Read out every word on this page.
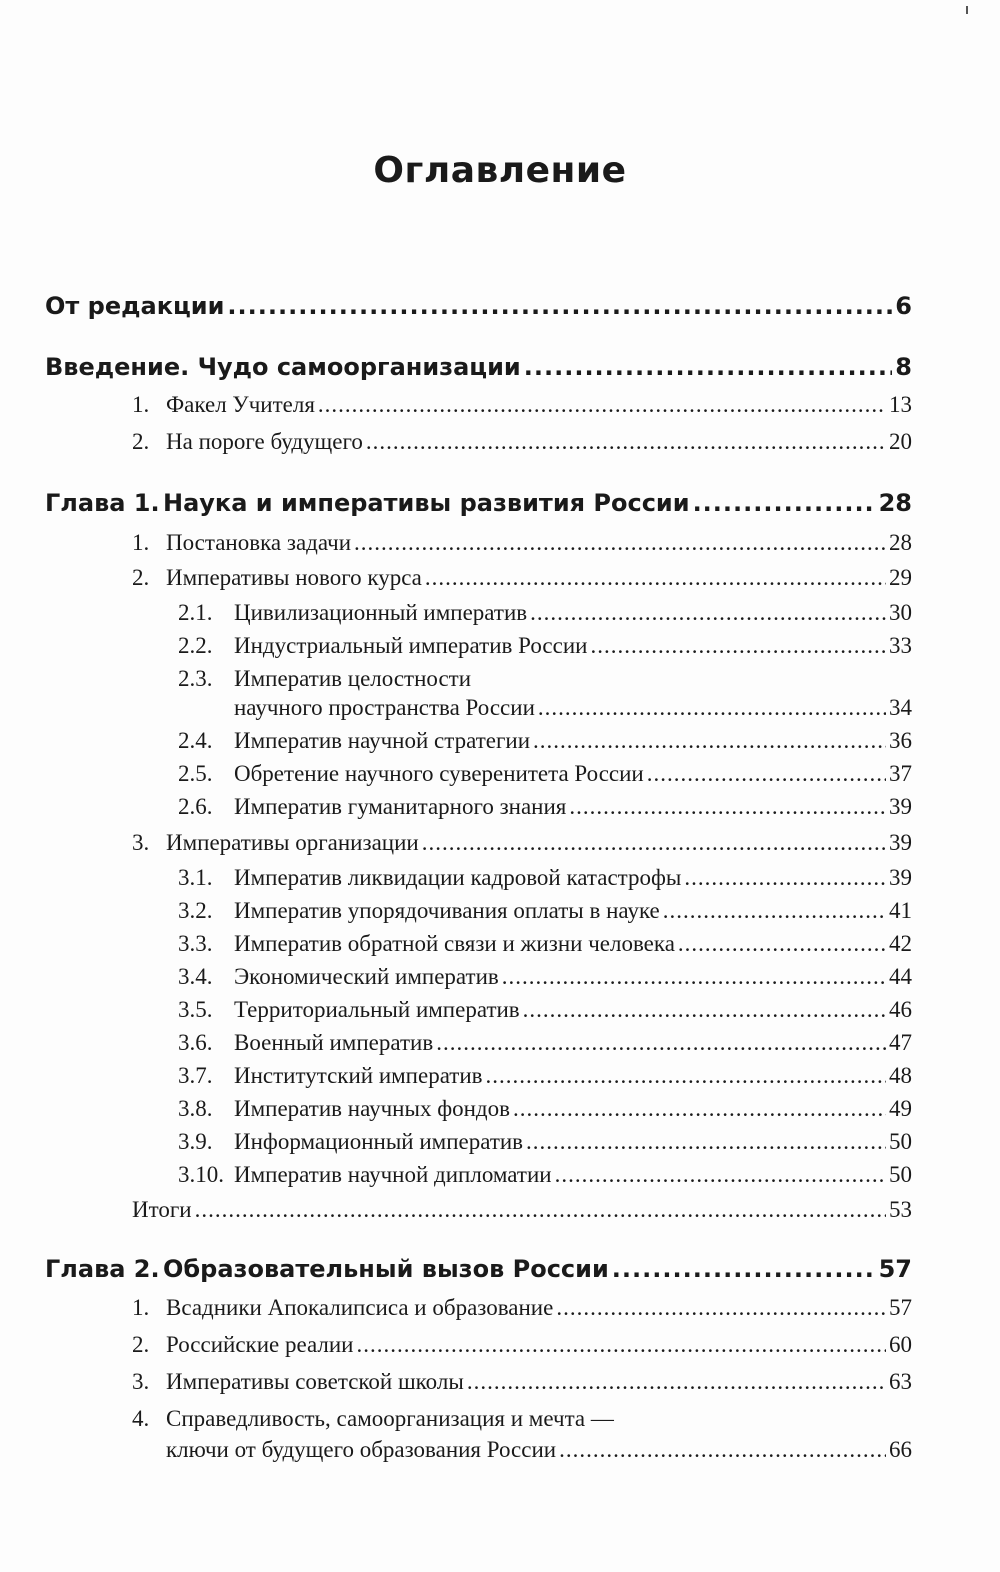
Оглавление
От редакции .....	6
Введение. Чудо самоорганизации .....	8
1. Факел Учителя .....	13
2. На пороге будущего .....	20
Глава 1. Наука и императивы развития России .....	28
1. Постановка задачи .....	28
2. Императивы нового курса .....	29
2.1. Цивилизационный императив .....	30
2.2. Индустриальный императив России .....	33
2.3. Императив целостности
научного пространства России .....	34
2.4. Императив научной стратегии .....	36
2.5. Обретение научного суверенитета России .....	37
2.6. Императив гуманитарного знания .....	39
3. Императивы организации .....	39
3.1. Императив ликвидации кадровой катастрофы .....	39
3.2. Императив упорядочивания оплаты в науке .....	41
3.3. Императив обратной связи и жизни человека .....	42
3.4. Экономический императив .....	44
3.5. Территориальный императив .....	46
3.6. Военный императив .....	47
3.7. Институтский императив .....	48
3.8. Императив научных фондов .....	49
3.9. Информационный императив .....	50
3.10. Императив научной дипломатии .....	50
Итоги .....	53
Глава 2. Образовательный вызов России .....	57
1. Всадники Апокалипсиса и образование .....	57
2. Российские реалии .....	60
3. Императивы советской школы .....	63
4. Справедливость, самоорганизация и мечта —
ключи от будущего образования России .....	66
